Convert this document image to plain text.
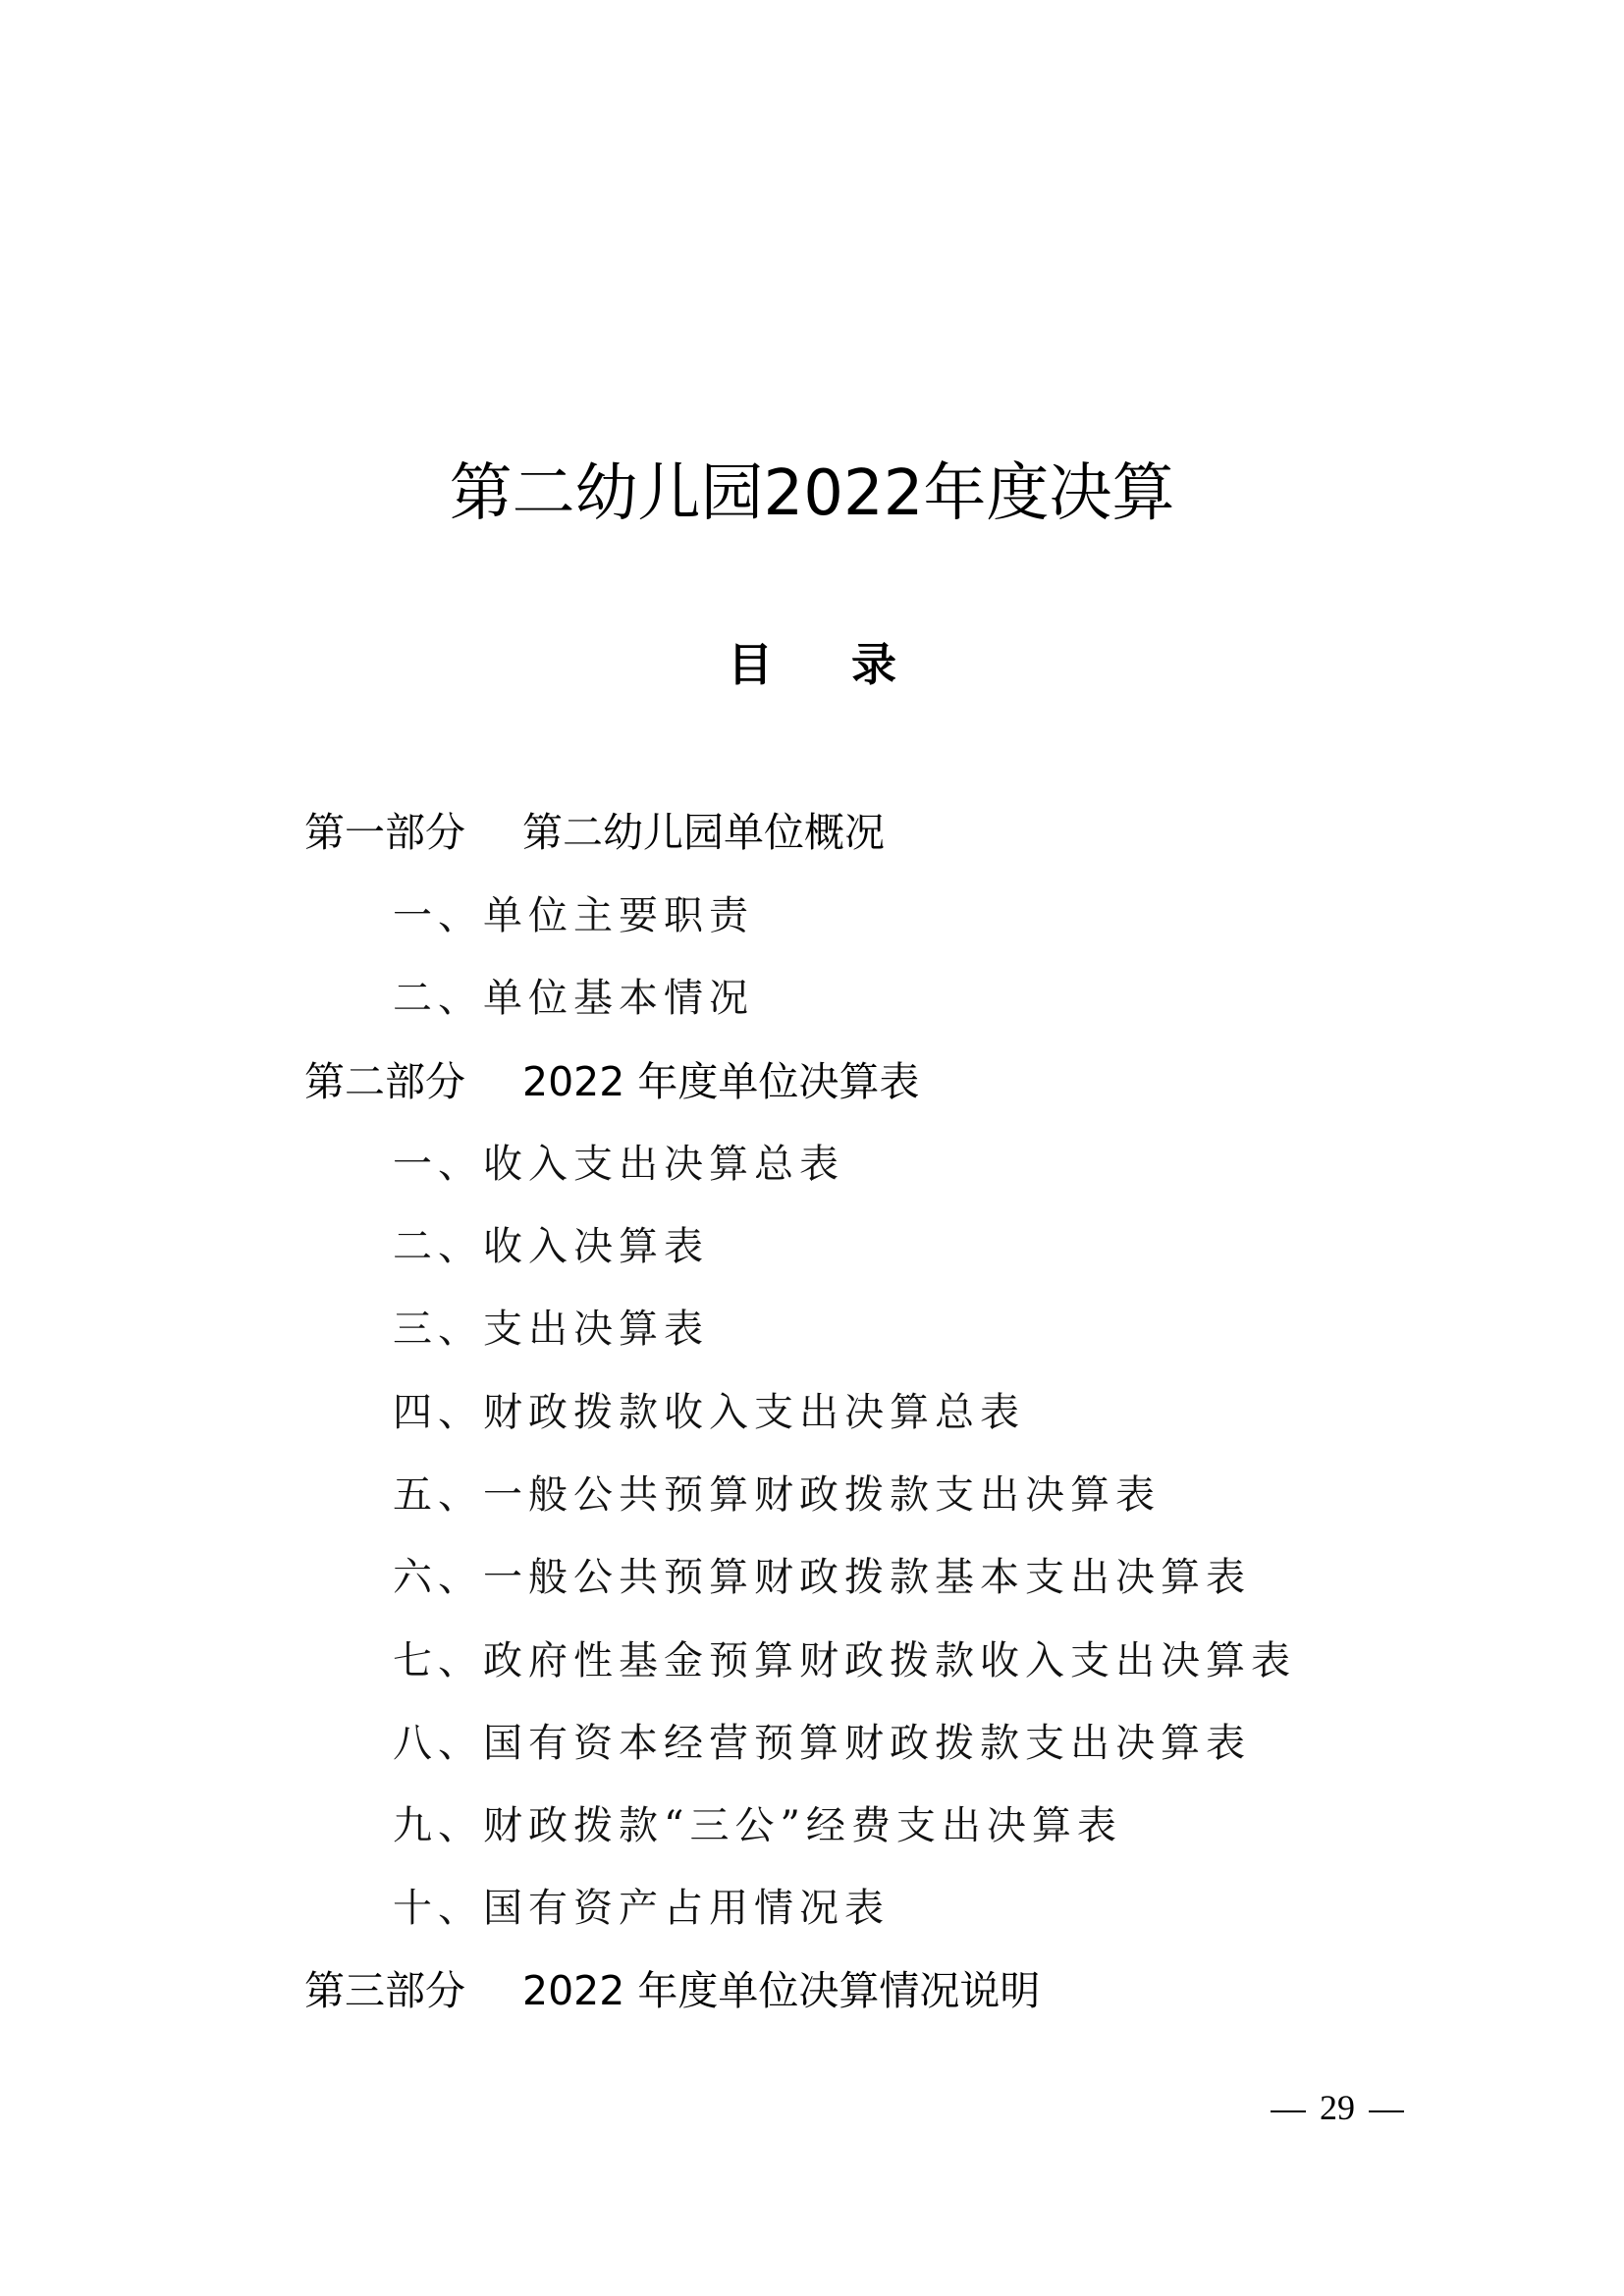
第二幼儿园2022年度决算
目录
第一部分 第二幼儿园单位概况
一、单位主要职责
二、单位基本情况
第二部分 2022 年度单位决算表
一、收入支出决算总表
二、收入决算表
三、支出决算表
四、财政拨款收入支出决算总表
五、一般公共预算财政拨款支出决算表
六、一般公共预算财政拨款基本支出决算表
七、政府性基金预算财政拨款收入支出决算表
八、国有资本经营预算财政拨款支出决算表
九、财政拨款“三公”经费支出决算表
十、国有资产占用情况表
第三部分 2022 年度单位决算情况说明
29
